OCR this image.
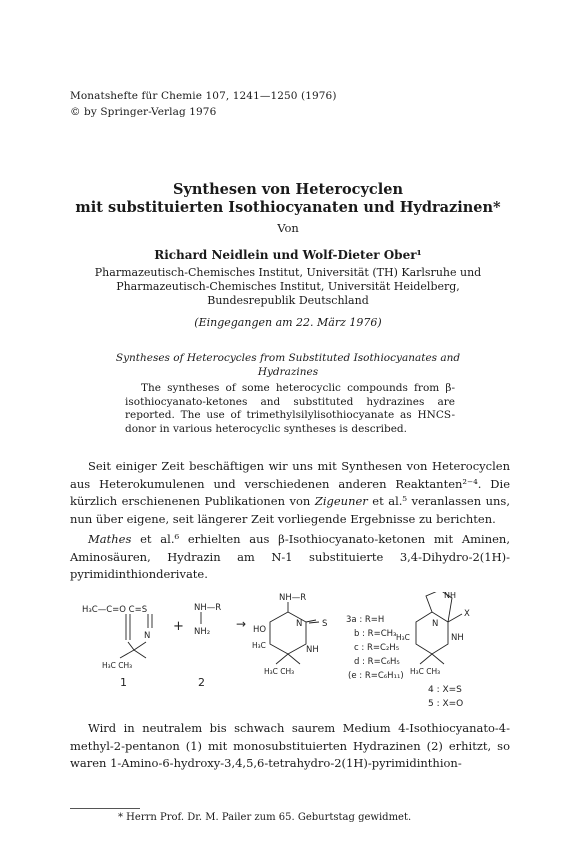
Monatshefte für Chemie 107, 1241—1250 (1976)
© by Springer-Verlag 1976
Synthesen von Heterocyclen
mit substituierten Isothiocyanaten und Hydrazinen*
Von
Richard Neidlein und Wolf-Dieter Ober¹
Pharmazeutisch-Chemisches Institut, Universität (TH) Karlsruhe und
Pharmazeutisch-Chemisches Institut, Universität Heidelberg,
Bundesrepublik Deutschland
(Eingegangen am 22. März 1976)
Syntheses of Heterocycles from Substituted Isothiocyanates and
Hydrazines
The syntheses of some heterocyclic compounds from β-isothiocyanato-ketones and substituted hydrazines are reported. The use of trimethylsilylisothiocyanate as HNCS-donor in various heterocyclic syntheses is described.

Seit einiger Zeit beschäftigen wir uns mit Synthesen von Heterocyclen aus Heterokumulenen und verschiedenen anderen Reaktanten²⁻⁴. Die kürzlich erschienenen Publikationen von Zigeuner et al.⁵ veranlassen uns, nun über eigene, seit längerer Zeit vorliegende Ergebnisse zu berichten.

Mathes et al.⁶ erhielten aus β-Isothiocyanato-ketonen mit Aminen, Aminosäuren, Hydrazin am N-1 substituierte 3,4-Dihydro-2(1H)-pyrimidinthionderivate.

H₃C—C=O C=S
N
H₃C CH₃
1
+
NH—R
NH₂
2
→
NH—R
HO
N S
H₃C	NH
H₃C CH₃
3a : R=H
b : R=CH₃
c : R=C₂H₅
d : R=C₆H₅
(e : R=C₆H₁₁)
NH
N
X
H₃C	NH
H₃C CH₃
4 : X=S
5 : X=O

Wird in neutralem bis schwach saurem Medium 4-Isothiocyanato-4-methyl-2-pentanon (1) mit monosubstituierten Hydrazinen (2) erhitzt, so waren 1-Amino-6-hydroxy-3,4,5,6-tetrahydro-2(1H)-pyrimidinthion-

* Herrn Prof. Dr. M. Pailer zum 65. Geburtstag gewidmet.
